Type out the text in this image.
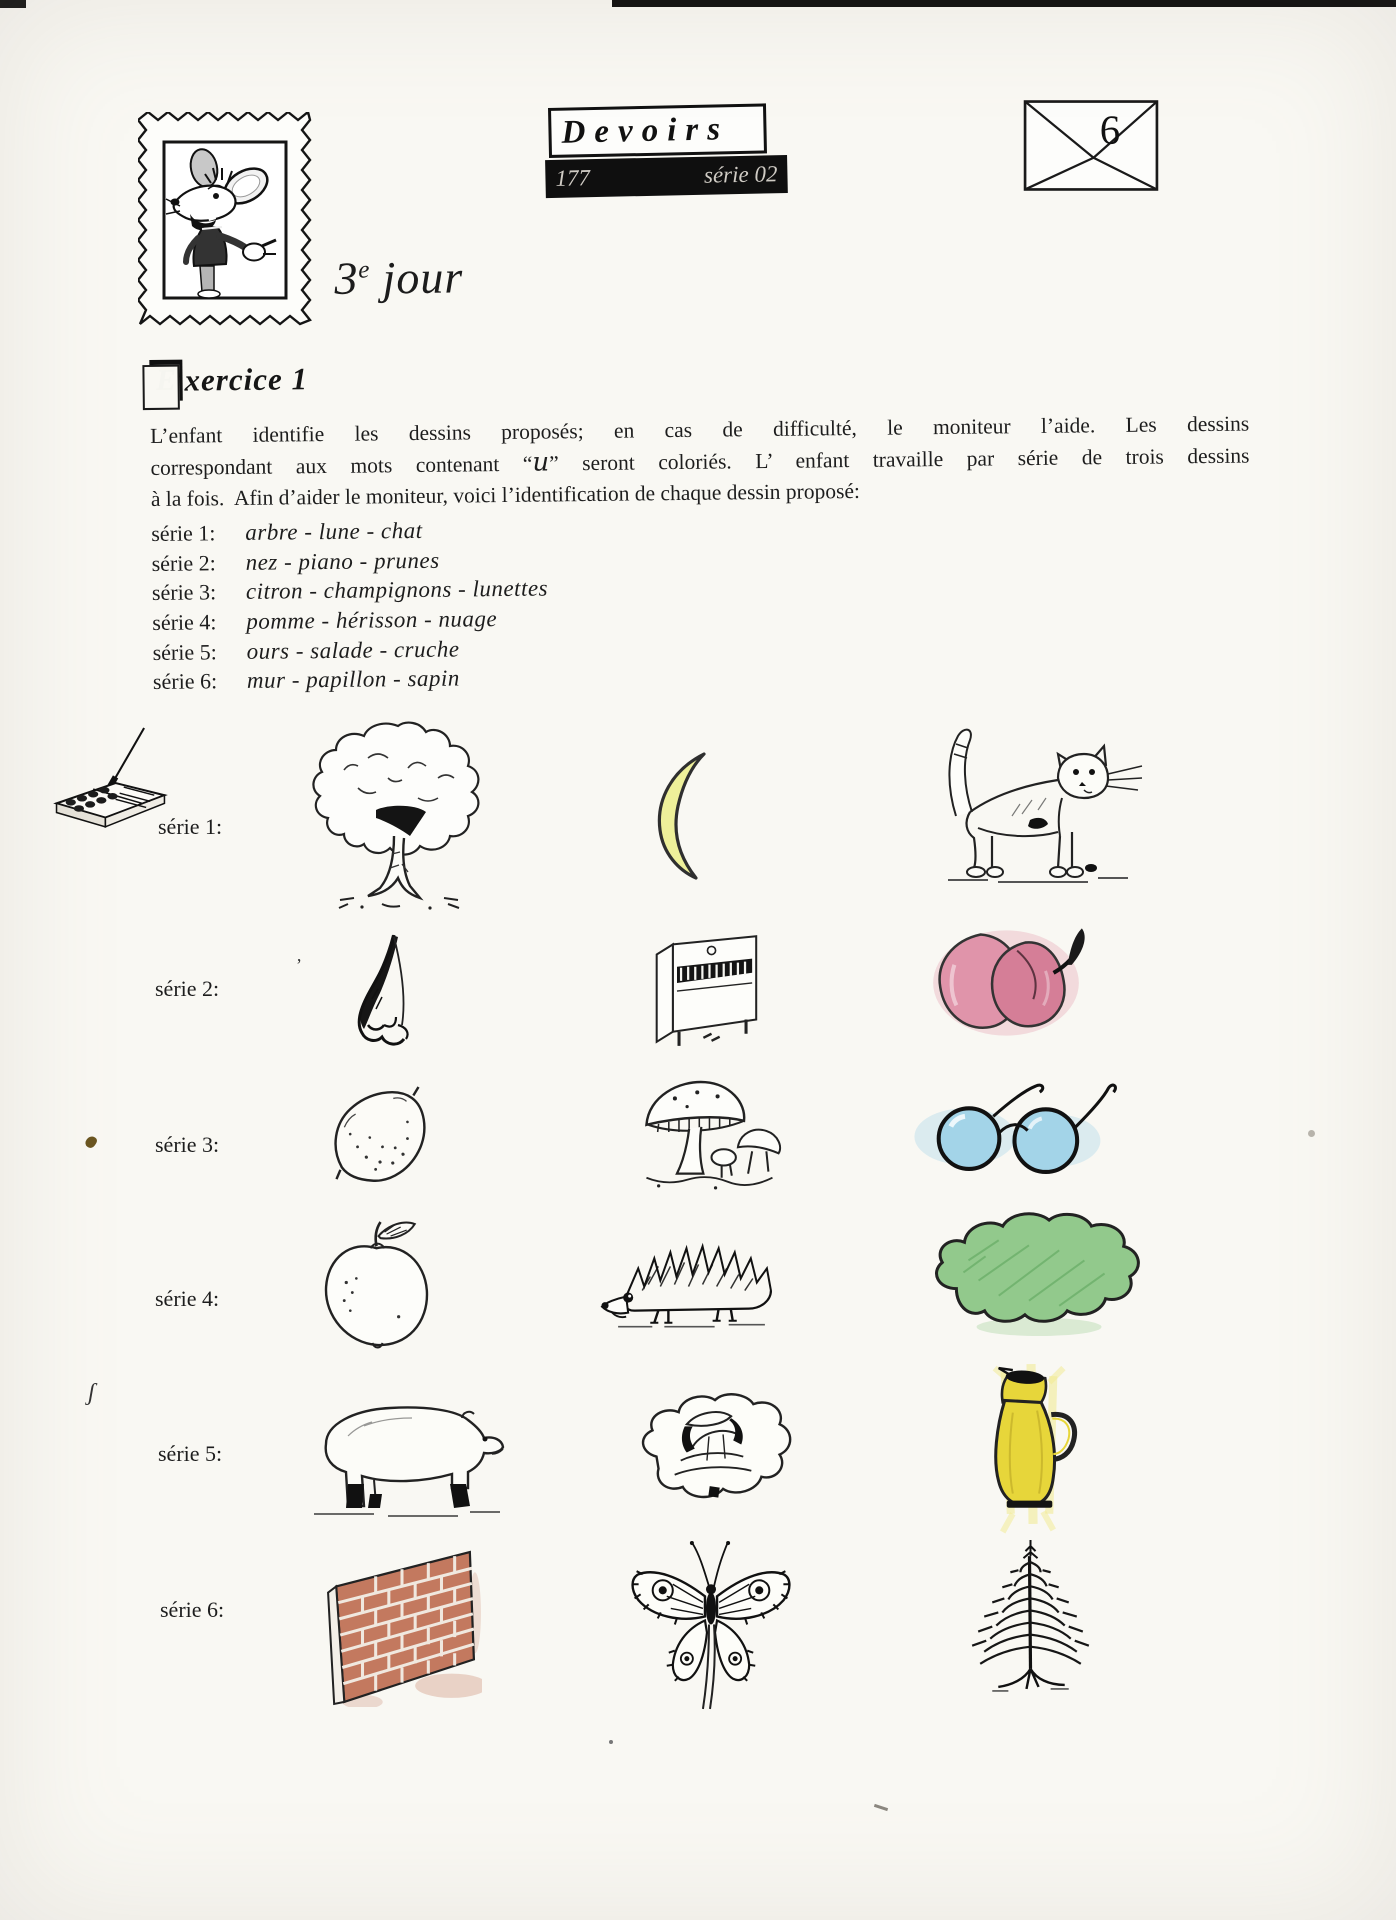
ʃ
’
Devoirs
177	série 02
6
3e jour
E xercice 1
L’enfant identifie les dessins proposés; en cas de difficulté, le moniteur l’aide. Les dessins
correspondant aux mots contenant “u” seront coloriés. L’ enfant travaille par série de trois dessins
à la fois.  Afin d’aider le moniteur, voici l’identification de chaque dessin proposé:
série 1: arbre - lune - chat
série 2: nez - piano - prunes
série 3: citron - champignons - lunettes
série 4: pomme - hérisson - nuage
série 5: ours - salade - cruche
série 6: mur - papillon - sapin
série 1:
série 2:
série 3:
série 4:
série 5:
série 6:
